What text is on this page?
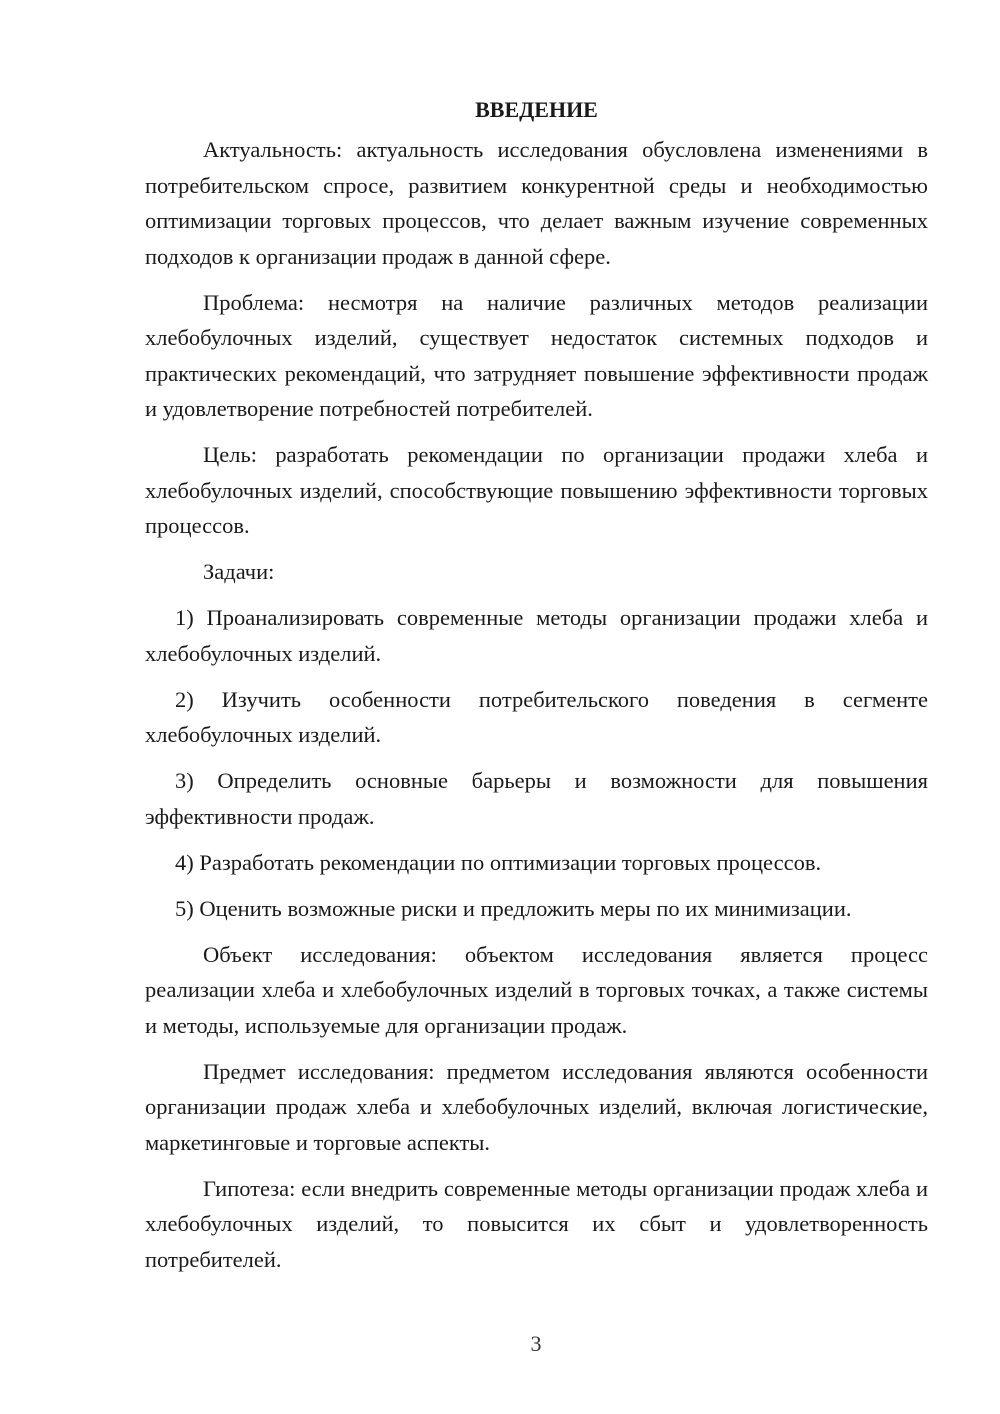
ВВЕДЕНИЕ

Актуальность: актуальность исследования обусловлена изменениями в потребительском спросе, развитием конкурентной среды и необходимостью оптимизации торговых процессов, что делает важным изучение современных подходов к организации продаж в данной сфере.

Проблема: несмотря на наличие различных методов реализации хлебобулочных изделий, существует недостаток системных подходов и практических рекомендаций, что затрудняет повышение эффективности продаж и удовлетворение потребностей потребителей.

Цель: разработать рекомендации по организации продажи хлеба и хлебобулочных изделий, способствующие повышению эффективности торговых процессов.

Задачи:

1) Проанализировать современные методы организации продажи хлеба и хлебобулочных изделий.

2) Изучить особенности потребительского поведения в сегменте хлебобулочных изделий.

3) Определить основные барьеры и возможности для повышения эффективности продаж.

4) Разработать рекомендации по оптимизации торговых процессов.

5) Оценить возможные риски и предложить меры по их минимизации.

Объект исследования: объектом исследования является процесс реализации хлеба и хлебобулочных изделий в торговых точках, а также системы и методы, используемые для организации продаж.

Предмет исследования: предметом исследования являются особенности организации продаж хлеба и хлебобулочных изделий, включая логистические, маркетинговые и торговые аспекты.

Гипотеза: если внедрить современные методы организации продаж хлеба и хлебобулочных изделий, то повысится их сбыт и удовлетворенность потребителей.

3
